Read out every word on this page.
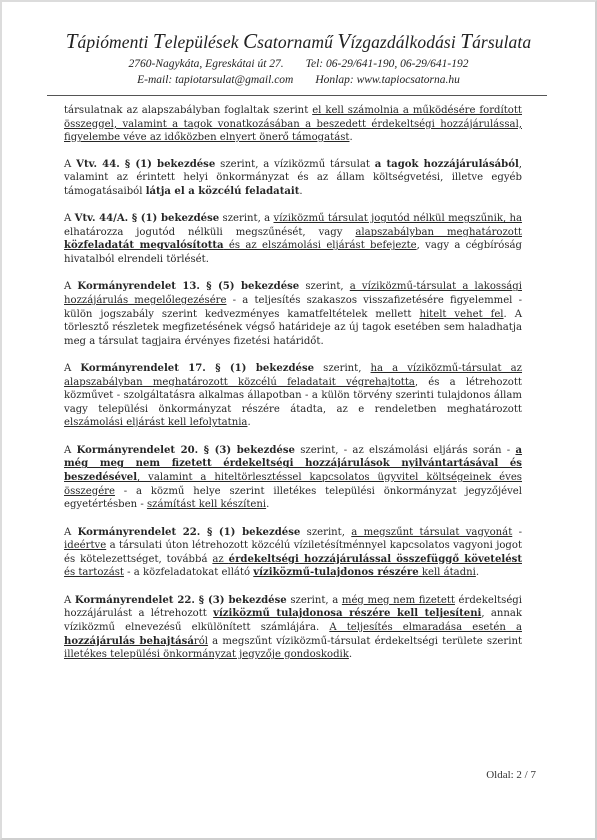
Tápiómenti Települések Csatornamű Vízgazdálkodási Társulata
2760-Nagykáta, Egreskátai út 27. Tel: 06-29/641-190, 06-29/641-192
E-mail: tapiotarsulat@gmail.com Honlap: www.tapiocsatorna.hu

társulatnak az alapszabályban foglaltak szerint el kell számolnia a működésére fordított összeggel, valamint a tagok vonatkozásában a beszedett érdekeltségi hozzájárulással, figyelembe véve az időközben elnyert önerő támogatást.

A Vtv. 44. § (1) bekezdése szerint, a víziközmű társulat a tagok hozzájárulásából, valamint az érintett helyi önkormányzat és az állam költségvetési, illetve egyéb támogatásaiból látja el a közcélú feladatait.

A Vtv. 44/A. § (1) bekezdése szerint, a víziközmű társulat jogutód nélkül megszűnik, ha elhatározza jogutód nélküli megszűnését, vagy alapszabályban meghatározott közfeladatát megvalósította és az elszámolási eljárást befejezte, vagy a cégbíróság hivatalból elrendeli törlését.

A Kormányrendelet 13. § (5) bekezdése szerint, a víziközmű-társulat a lakossági hozzájárulás megelőlegezésére - a teljesítés szakaszos visszafizetésére figyelemmel - külön jogszabály szerint kedvezményes kamatfeltételek mellett hitelt vehet fel. A törlesztő részletek megfizetésének végső határideje az új tagok esetében sem haladhatja meg a társulat tagjaira érvényes fizetési határidőt.

A Kormányrendelet 17. § (1) bekezdése szerint, ha a víziközmű-társulat az alapszabályban meghatározott közcélú feladatait végrehajtotta, és a létrehozott közművet - szolgáltatásra alkalmas állapotban - a külön törvény szerinti tulajdonos állam vagy települési önkormányzat részére átadta, az e rendeletben meghatározott elszámolási eljárást kell lefolytatnia.

A Kormányrendelet 20. § (3) bekezdése szerint, - az elszámolási eljárás során - a még meg nem fizetett érdekeltségi hozzájárulások nyilvántartásával és beszedésével, valamint a hiteltörlesztéssel kapcsolatos ügyvitel költségeinek éves összegére - a közmű helye szerint illetékes települési önkormányzat jegyzőjével egyetértésben - számítást kell készíteni.

A Kormányrendelet 22. § (1) bekezdése szerint, a megszűnt társulat vagyonát - ideértve a társulati úton létrehozott közcélú víziletésítménnyel kapcsolatos vagyoni jogot és kötelezettséget, továbbá az érdekeltségi hozzájárulással összefüggő követelést és tartozást - a közfeladatokat ellátó víziközmű-tulajdonos részére kell átadni.

A Kormányrendelet 22. § (3) bekezdése szerint, a még meg nem fizetett érdekeltségi hozzájárulást a létrehozott víziközmű tulajdonosa részére kell teljesíteni, annak víziközmű elnevezésű elkülönített számlájára. A teljesítés elmaradása esetén a hozzájárulás behajtásáról a megszűnt víziközmű-társulat érdekeltségi területe szerint illetékes települési önkormányzat jegyzője gondoskodik.

Oldal: 2 / 7
